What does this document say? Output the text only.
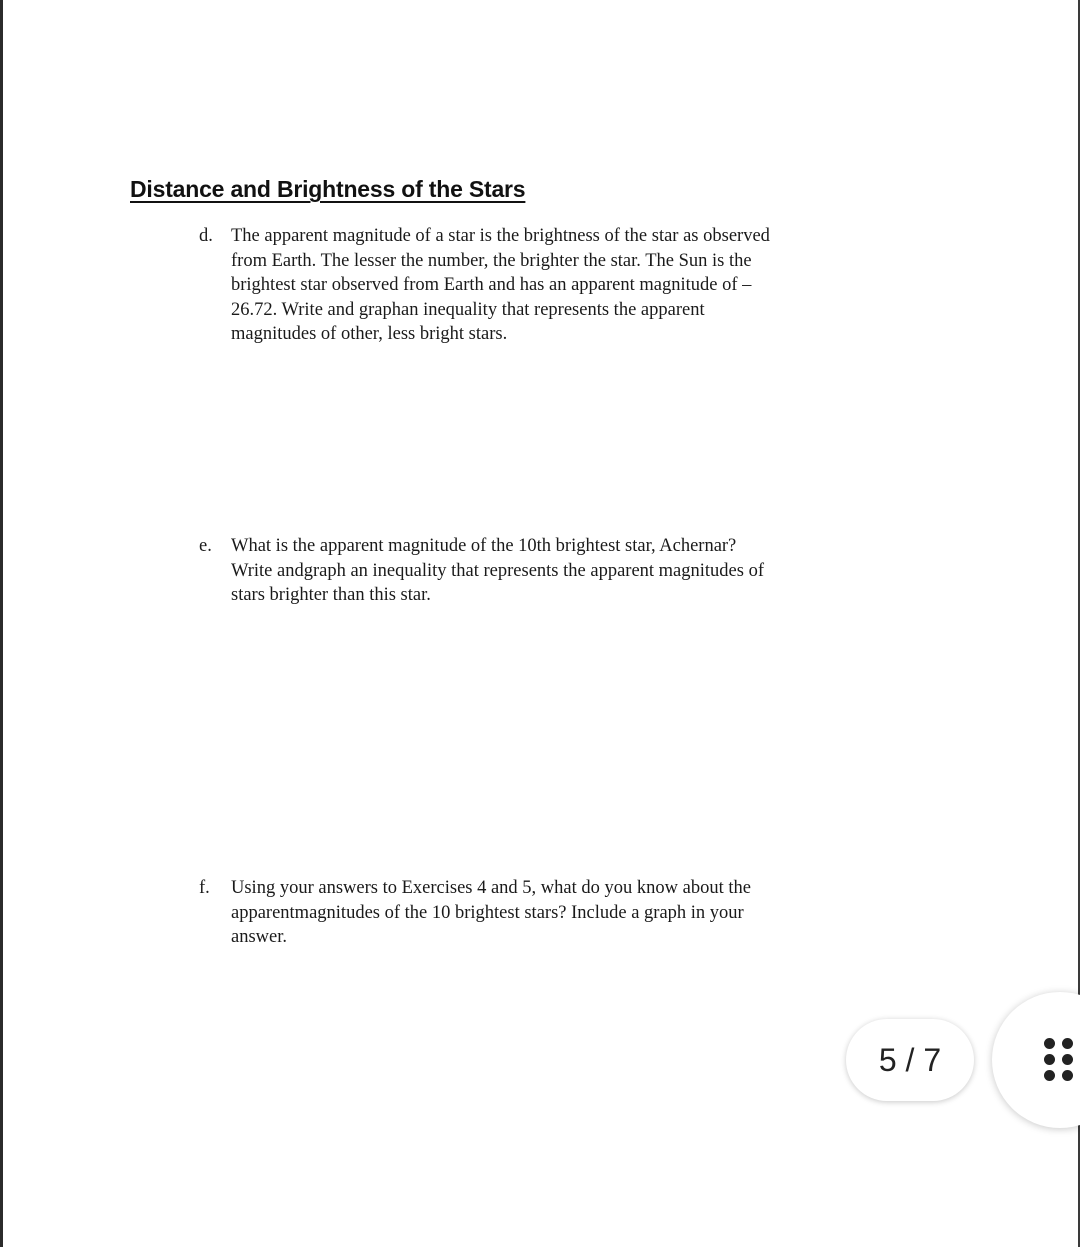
Distance and Brightness of the Stars
d. The apparent magnitude of a star is the brightness of the star as observed
from Earth. The lesser the number, the brighter the star. The Sun is the
brightest star observed from Earth and has an apparent magnitude of –
26.72. Write and graphan inequality that represents the apparent
magnitudes of other, less bright stars.
e.	What is the apparent magnitude of the 10th brightest star, Achernar?
Write andgraph an inequality that represents the apparent magnitudes of
stars brighter than this star.
f.	Using your answers to Exercises 4 and 5, what do you know about the
apparentmagnitudes of the 10 brightest stars? Include a graph in your
answer.
5 / 7
